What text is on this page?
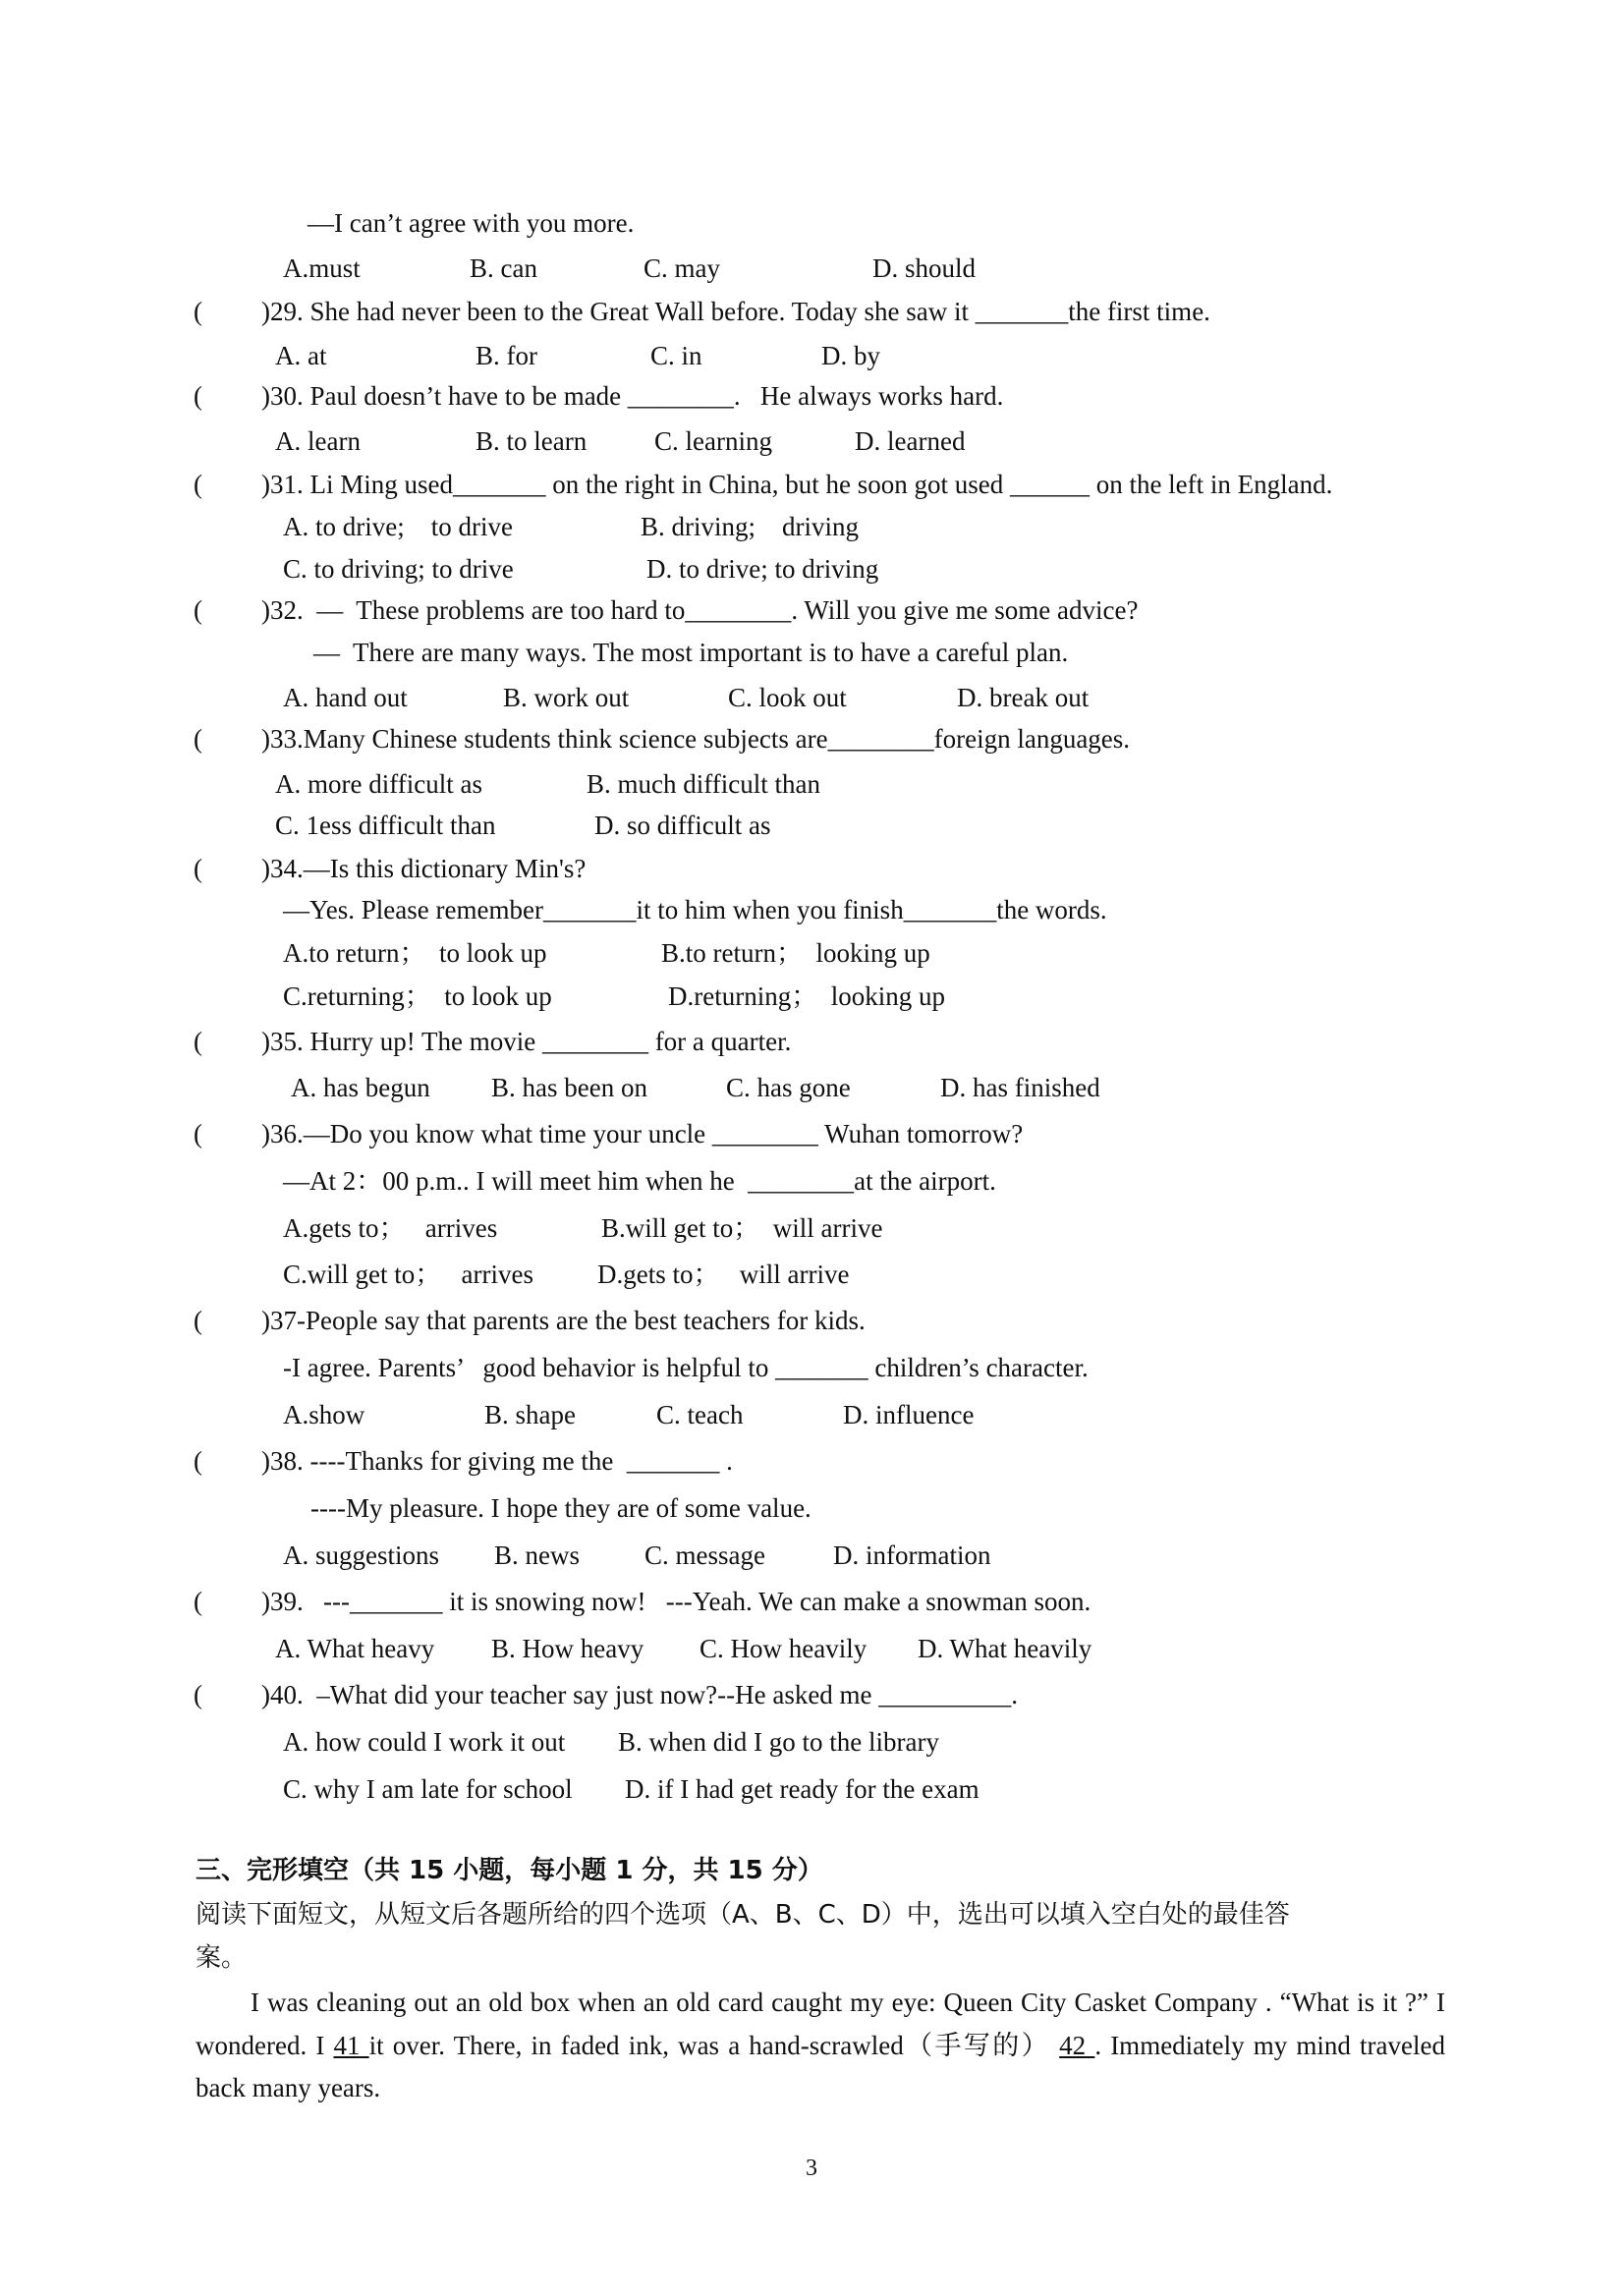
—I can’t agree with you more.
A.must	B. can	C. may	D. should
( )29. She had never been to the Great Wall before. Today she saw it _______the first time.
A. at	B. for	C. in	D. by
( )30. Paul doesn’t have to be made ________.   He always works hard.
A. learn	B. to learn	C. learning	D. learned
( )31. Li Ming used_______ on the right in China, but he soon got used ______ on the left in England.
A. to drive;    to drive	B. driving;    driving
C. to driving; to drive	D. to drive; to driving
( )32.  —  These problems are too hard to________. Will you give me some advice?
—  There are many ways. The most important is to have a careful plan.
A. hand out	B. work out	C. look out	D. break out
( )33.Many Chinese students think science subjects are________foreign languages.
A. more difficult as	B. much difficult than
C. 1ess difficult than	D. so difficult as
( )34.—Is this dictionary Min's?
—Yes. Please remember_______it to him when you finish_______the words.
A.to return；  to look up	B.to return；  looking up
C.returning；  to look up	D.returning；  looking up
( )35. Hurry up! The movie ________ for a quarter.
A. has begun B. has been on	C. has gone	D. has finished
( )36.—Do you know what time your uncle ________ Wuhan tomorrow?
—At 2：00 p.m.. I will meet him when he  ________at the airport.
A.gets to；   arrives	B.will get to；  will arrive
C.will get to；   arrives D.gets to；   will arrive
( )37-People say that parents are the best teachers for kids.
-I agree. Parents’   good behavior is helpful to _______ children’s character.
A.show	B. shape	C. teach	D. influence
( )38. ----Thanks for giving me the  _______ .
----My pleasure. I hope they are of some value.
A. suggestions B. news C. message	D. information
( )39.   ---_______ it is snowing now!   ---Yeah. We can make a snowman soon.
A. What heavy B. How heavy C. How heavily D. What heavily
( )40.  –What did your teacher say just now?--He asked me __________.
A. how could I work it out B. when did I go to the library
C. why I am late for school D. if I had get ready for the exam
三、完形填空（共 15 小题，每小题 1 分，共 15 分）
阅读下面短文，从短文后各题所给的四个选项（A、B、C、D）中，选出可以填入空白处的最佳答
案。
I was cleaning out an old box when an old card caught my eye: Queen City Casket Company . “What is it ?” I wondered. I 41 it over. There, in faded ink, was a hand-scrawled（手写的） 42 . Immediately my mind traveled back many years.
3
